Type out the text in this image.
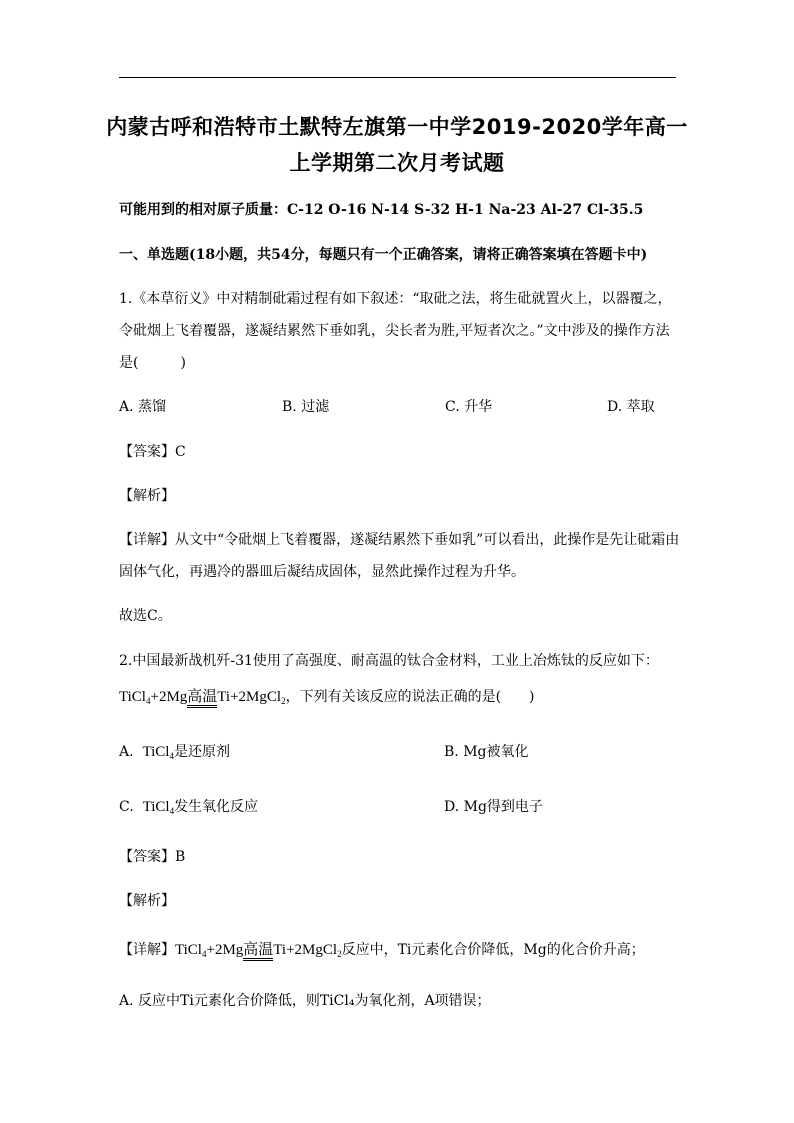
内蒙古呼和浩特市土默特左旗第一中学2019-2020学年高一
上学期第二次月考试题
可能用到的相对原子质量：C-12 O-16 N-14 S-32 H-1 Na-23 Al-27 Cl-35.5
一、单选题(18小题，共54分，每题只有一个正确答案，请将正确答案填在答题卡中)
1.《本草衍义》中对精制砒霜过程有如下叙述：“取砒之法，将生砒就置火上，以器覆之，
令砒烟上飞着覆器，遂凝结累然下垂如乳，尖长者为胜,平短者次之。”文中涉及的操作方法
是(　　　)
A. 蒸馏	B. 过滤	C. 升华	D. 萃取
【答案】C
【解析】
【详解】从文中“令砒烟上飞着覆器，遂凝结累然下垂如乳”可以看出，此操作是先让砒霜由
固体气化，再遇冷的器皿后凝结成固体，显然此操作过程为升华。
故选C。
2.中国最新战机歼-31使用了高强度、耐高温的钛合金材料，工业上冶炼钛的反应如下：
TiCl$_4$+2Mg高温Ti+2MgCl$_2$，下列有关该反应的说法正确的是(　　)
A. TiCl$_4$是还原剂	B. Mg被氧化
C. TiCl$_4$发生氧化反应	D. Mg得到电子
【答案】B
【解析】
【详解】TiCl$_4$+2Mg高温Ti+2MgCl$_2$反应中，Ti元素化合价降低，Mg的化合价升高；
A. 反应中Ti元素化合价降低，则TiCl₄为氧化剂，A项错误；
